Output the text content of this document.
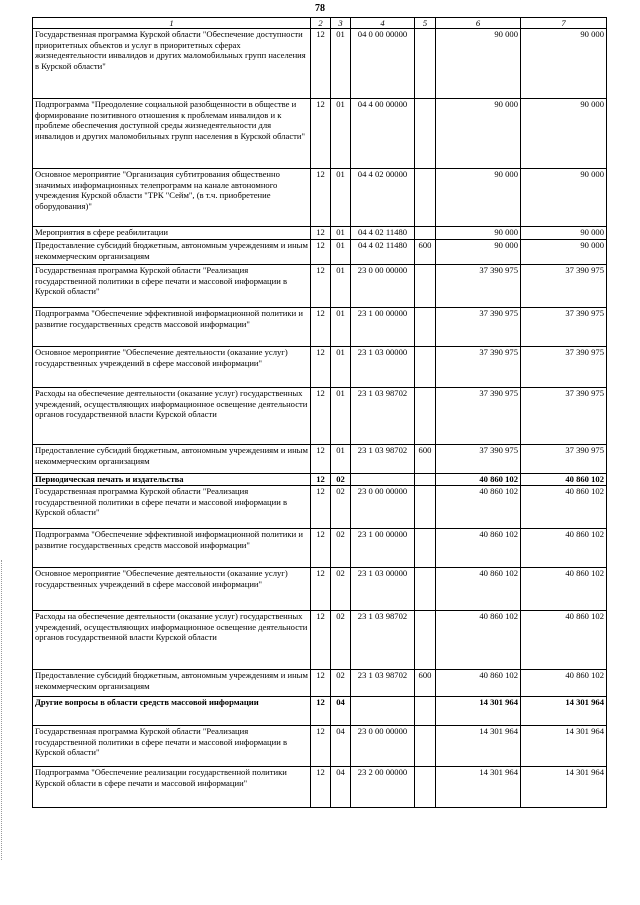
78
1	2	3	4	5	6	7
Государственная программа Курской области "Обеспечение доступности приоритетных объектов и услуг в приоритетных сферах жизнедеятельности инвалидов и других маломобильных групп населения в Курской области"	12	01	04 0 00 00000		90 000	90 000
Подпрограмма "Преодоление социальной разобщенности в обществе и формирование позитивного отношения к проблемам инвалидов и к проблеме обеспечения доступной среды жизнедеятельности для инвалидов и других маломобильных групп населения в Курской области"	12	01	04 4 00 00000		90 000	90 000
Основное мероприятие "Организация субтитрования общественно значимых информационных телепрограмм на канале автономного учреждения Курской области "ТРК "Сейм", (в т.ч. приобретение оборудования)"	12	01	04 4 02 00000		90 000	90 000
Мероприятия в сфере реабилитации	12	01	04 4 02 11480		90 000	90 000
Предоставление субсидий бюджетным, автономным учреждениям и иным некоммерческим организациям	12	01	04 4 02 11480	600	90 000	90 000
Государственная программа Курской области "Реализация государственной политики в сфере печати и массовой информации в Курской области"	12	01	23 0 00 00000		37 390 975	37 390 975
Подпрограмма "Обеспечение эффективной информационной политики и развитие государственных средств массовой информации"	12	01	23 1 00 00000		37 390 975	37 390 975
Основное мероприятие "Обеспечение деятельности (оказание услуг) государственных учреждений в сфере массовой информации"	12	01	23 1 03 00000		37 390 975	37 390 975
Расходы на обеспечение деятельности (оказание услуг) государственных учреждений, осуществляющих информационное освещение деятельности органов государственной власти Курской области	12	01	23 1 03 98702		37 390 975	37 390 975
Предоставление субсидий бюджетным, автономным учреждениям и иным некоммерческим организациям	12	01	23 1 03 98702	600	37 390 975	37 390 975
Периодическая печать и издательства	12	02			40 860 102	40 860 102
Государственная программа Курской области "Реализация государственной политики в сфере печати и массовой информации в Курской области"	12	02	23 0 00 00000		40 860 102	40 860 102
Подпрограмма "Обеспечение эффективной информационной политики и развитие государственных средств массовой информации"	12	02	23 1 00 00000		40 860 102	40 860 102
Основное мероприятие "Обеспечение деятельности (оказание услуг) государственных учреждений в сфере массовой информации"	12	02	23 1 03 00000		40 860 102	40 860 102
Расходы на обеспечение деятельности (оказание услуг) государственных учреждений, осуществляющих информационное освещение деятельности органов государственной власти Курской области	12	02	23 1 03 98702		40 860 102	40 860 102
Предоставление субсидий бюджетным, автономным учреждениям и иным некоммерческим организациям	12	02	23 1 03 98702	600	40 860 102	40 860 102
Другие вопросы в области средств массовой информации	12	04			14 301 964	14 301 964
Государственная программа Курской области "Реализация государственной политики в сфере печати и массовой информации в Курской области"	12	04	23 0 00 00000		14 301 964	14 301 964
Подпрограмма "Обеспечение реализации государственной политики Курской области в сфере печати и массовой информации"	12	04	23 2 00 00000		14 301 964	14 301 964
